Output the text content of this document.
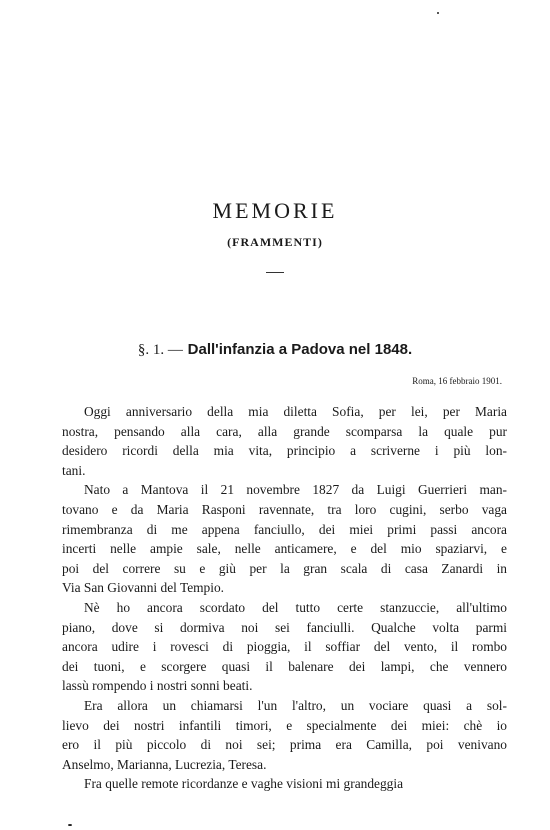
MEMORIE
(FRAMMENTI)
§. 1. — Dall'infanzia a Padova nel 1848.
Roma, 16 febbraio 1901.

Oggi anniversario della mia diletta Sofia, per lei, per Maria
nostra, pensando alla cara, alla grande scomparsa la quale pur
desidero ricordi della mia vita, principio a scriverne i più lon-
tani.

Nato a Mantova il 21 novembre 1827 da Luigi Guerrieri man-
tovano e da Maria Rasponi ravennate, tra loro cugini, serbo vaga
rimembranza di me appena fanciullo, dei miei primi passi ancora
incerti nelle ampie sale, nelle anticamere, e del mio spaziarvi, e
poi del correre su e giù per la gran scala di casa Zanardi in
Via San Giovanni del Tempio.

Nè ho ancora scordato del tutto certe stanzuccie, all'ultimo
piano, dove si dormiva noi sei fanciulli. Qualche volta parmi
ancora udire i rovesci di pioggia, il soffiar del vento, il rombo
dei tuoni, e scorgere quasi il balenare dei lampi, che vennero
lassù rompendo i nostri sonni beati.

Era allora un chiamarsi l'un l'altro, un vociare quasi a sol-
lievo dei nostri infantili timori, e specialmente dei miei: chè io
ero il più piccolo di noi sei; prima era Camilla, poi venivano
Anselmo, Marianna, Lucrezia, Teresa.

Fra quelle remote ricordanze e vaghe visioni mi grandeggia
